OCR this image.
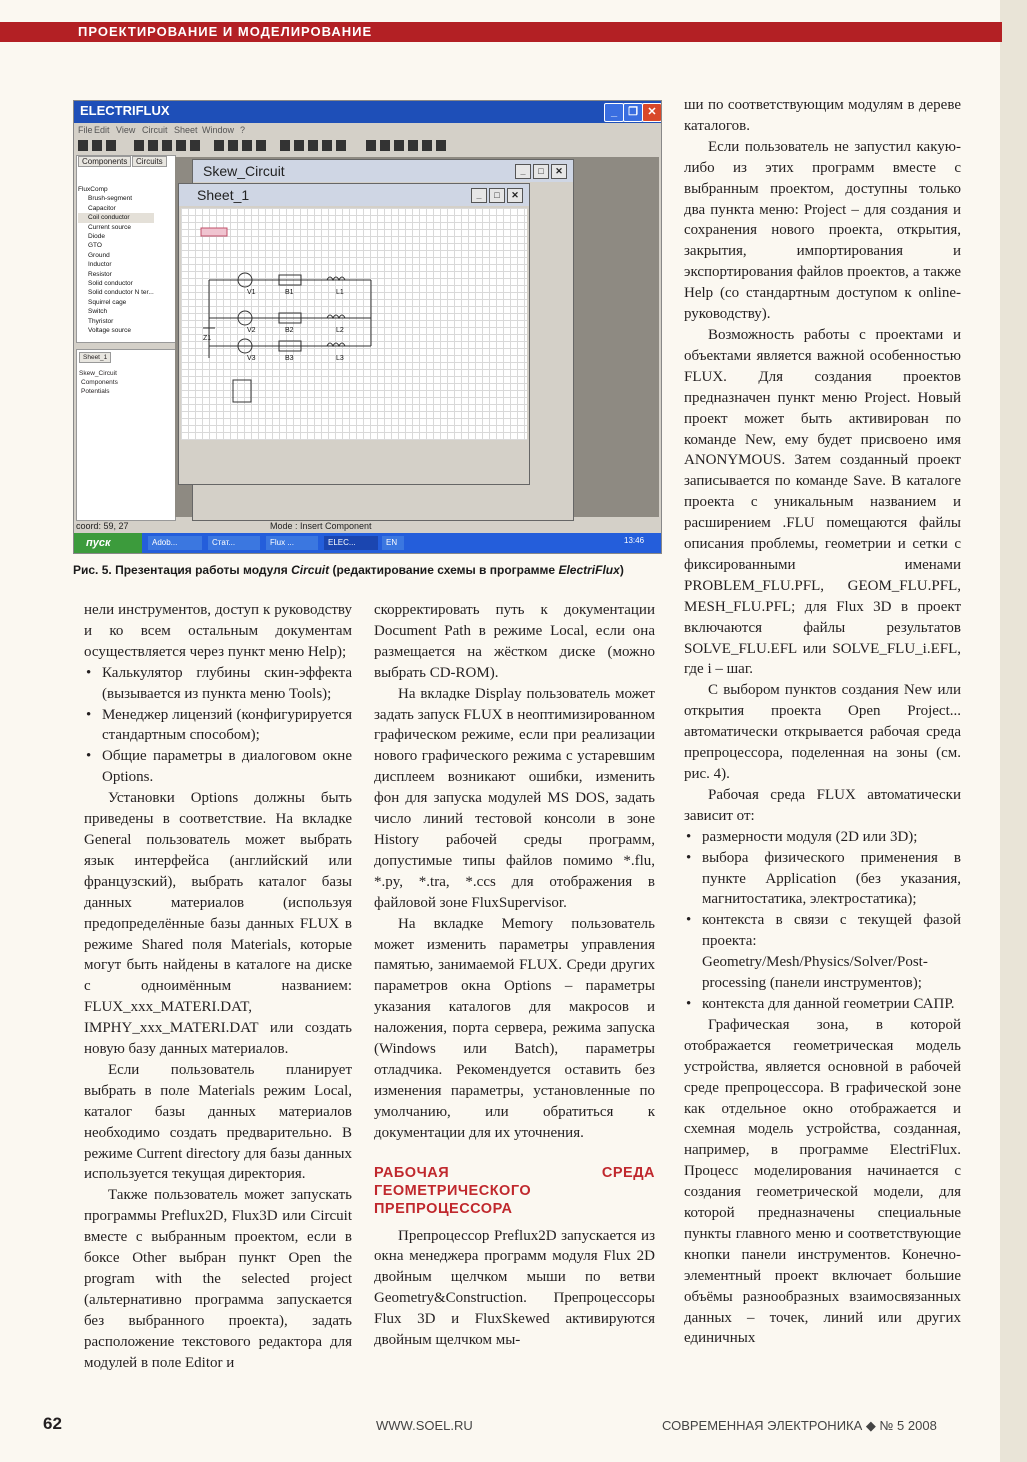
ПРОЕКТИРОВАНИЕ И МОДЕЛИРОВАНИЕ
ELECTRIFLUX	_	❐ ✕
File Edit View Circuit Sheet Window ?
Components	Circuits
FluxComp
Brush-segment
Capacitor
Coil conductor
Current source
Diode
GTO
Ground
Inductor
Resistor
Solid conductor
Solid conductor N ter...
Squirrel cage
Switch
Thyristor
Voltage source
Sheet_1
Skew_Circuit
Components
Potentials
Skew_Circuit	_	□	✕
Sheet_1	_	□	✕
V1	B1	L1
V2	B2	L2
V3	B3	L3
Z1
coord: 59, 27	Mode : Insert Component
пуск	Adob...	Стат...	Flux ...	ELEC...	EN	13:46
Рис. 5. Презентация работы модуля Circuit (редактирование схемы в программе ElectriFlux)

нели инструментов, доступ к руководству и ко всем остальным документам осуществляется через пункт меню Help);

• Калькулятор глубины скин-эффекта (вызывается из пункта меню Tools);

• Менеджер лицензий (конфигурируется стандартным способом);

• Общие параметры в диалоговом окне Options.

Установки Options должны быть приведены в соответствие. На вкладке General пользователь может выбрать язык интерфейса (английский или французский), выбрать каталог базы данных материалов (используя предопределённые базы данных FLUX в режиме Shared поля Materials, которые могут быть найдены в каталоге на диске с одноимённым названием: FLUX_xxx_MATERI.DAT, IMPHY_xxx_MATERI.DAT или создать новую базу данных материалов.

Если пользователь планирует выбрать в поле Materials режим Local, каталог базы данных материалов необходимо создать предварительно. В режиме Current directory для базы данных используется текущая директория.

Также пользователь может запускать программы Preflux2D, Flux3D или Circuit вместе с выбранным проектом, если в боксе Other выбран пункт Open the program with the selected project (альтернативно программа запускается без выбранного проекта), задать расположение текстового редактора для модулей в поле Editor и

скорректировать путь к документации Document Path в режиме Local, если она размещается на жёстком диске (можно выбрать CD-ROM).

На вкладке Display пользователь может задать запуск FLUX в неоптимизированном графическом режиме, если при реализации нового графического режима с устаревшим дисплеем возникают ошибки, изменить фон для запуска модулей MS DOS, задать число линий тестовой консоли в зоне History рабочей среды программ, допустимые типы файлов помимо *.flu, *.py, *.tra, *.ccs для отображения в файловой зоне FluxSupervisor.

На вкладке Memory пользователь может изменить параметры управления памятью, занимаемой FLUX. Среди других параметров окна Options – параметры указания каталогов для макросов и наложения, порта сервера, режима запуска (Windows или Batch), параметры отладчика. Рекомендуется оставить без изменения параметры, установленные по умолчанию, или обратиться к документации для их уточнения.

РАБОЧАЯ СРЕДА ГЕОМЕТРИЧЕСКОГО ПРЕПРОЦЕССОРА

Препроцессор Preflux2D запускается из окна менеджера программ модуля Flux 2D двойным щелчком мыши по ветви Geometry&Construction. Препроцессоры Flux 3D и FluxSkewed активируются двойным щелчком мы-

ши по соответствующим модулям в дереве каталогов.

Если пользователь не запустил какую-либо из этих программ вместе с выбранным проектом, доступны только два пункта меню: Project – для создания и сохранения нового проекта, открытия, закрытия, импортирования и экспортирования файлов проектов, а также Help (со стандартным доступом к online-руководству).

Возможность работы с проектами и объектами является важной особенностью FLUX. Для создания проектов предназначен пункт меню Project. Новый проект может быть активирован по команде New, ему будет присвоено имя ANONYMOUS. Затем созданный проект записывается по команде Save. В каталоге проекта с уникальным названием и расширением .FLU помещаются файлы описания проблемы, геометрии и сетки с фиксированными именами PROBLEM_FLU.PFL, GEOM_FLU.PFL, MESH_FLU.PFL; для Flux 3D в проект включаются файлы результатов SOLVE_FLU.EFL или SOLVE_FLU_i.EFL, где i – шаг.

С выбором пунктов создания New или открытия проекта Open Project... автоматически открывается рабочая среда препроцессора, поделенная на зоны (см. рис. 4).

Рабочая среда FLUX автоматически зависит от:

• размерности модуля (2D или 3D);

• выбора физического применения в пункте Application (без указания, магнитостатика, электростатика);

• контекста в связи с текущей фазой проекта: Geometry/Mesh/Physics/Solver/Post-processing (панели инструментов);

• контекста для данной геометрии САПР.

Графическая зона, в которой отображается геометрическая модель устройства, является основной в рабочей среде препроцессора. В графической зоне как отдельное окно отображается и схемная модель устройства, созданная, например, в программе ElectriFlux. Процесс моделирования начинается с создания геометрической модели, для которой предназначены специальные пункты главного меню и соответствующие кнопки панели инструментов. Конечно-элементный проект включает большие объёмы разнообразных взаимосвязанных данных – точек, линий или других единичных

62	WWW.SOEL.RU	СОВРЕМЕННАЯ ЭЛЕКТРОНИКА ◆ № 5 2008
